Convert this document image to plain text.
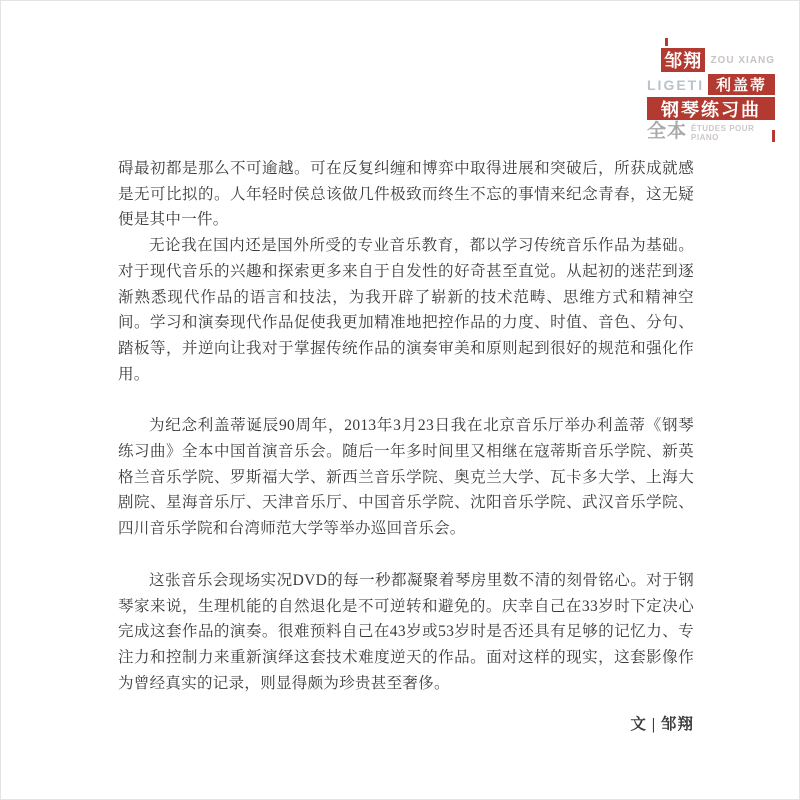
邹翔 ZOU XIANG
LIGETI 利盖蒂
钢琴练习曲
全本 ÉTUDES POUR
PIANO

碍最初都是那么不可逾越。可在反复纠缠和博弈中取得进展和突破后，所获成就感是无可比拟的。人年轻时侯总该做几件极致而终生不忘的事情来纪念青春，这无疑便是其中一件。

无论我在国内还是国外所受的专业音乐教育，都以学习传统音乐作品为基础。对于现代音乐的兴趣和探索更多来自于自发性的好奇甚至直觉。从起初的迷茫到逐渐熟悉现代作品的语言和技法，为我开辟了崭新的技术范畴、思维方式和精神空间。学习和演奏现代作品促使我更加精准地把控作品的力度、时值、音色、分句、踏板等，并逆向让我对于掌握传统作品的演奏审美和原则起到很好的规范和强化作用。

为纪念利盖蒂诞辰90周年，2013年3月23日我在北京音乐厅举办利盖蒂《钢琴练习曲》全本中国首演音乐会。随后一年多时间里又相继在寇蒂斯音乐学院、新英格兰音乐学院、罗斯福大学、新西兰音乐学院、奥克兰大学、瓦卡多大学、上海大剧院、星海音乐厅、天津音乐厅、中国音乐学院、沈阳音乐学院、武汉音乐学院、四川音乐学院和台湾师范大学等举办巡回音乐会。

这张音乐会现场实况DVD的每一秒都凝聚着琴房里数不清的刻骨铭心。对于钢琴家来说，生理机能的自然退化是不可逆转和避免的。庆幸自己在33岁时下定决心完成这套作品的演奏。很难预料自己在43岁或53岁时是否还具有足够的记忆力、专注力和控制力来重新演绎这套技术难度逆天的作品。面对这样的现实，这套影像作为曾经真实的记录，则显得颇为珍贵甚至奢侈。

文 | 邹翔
